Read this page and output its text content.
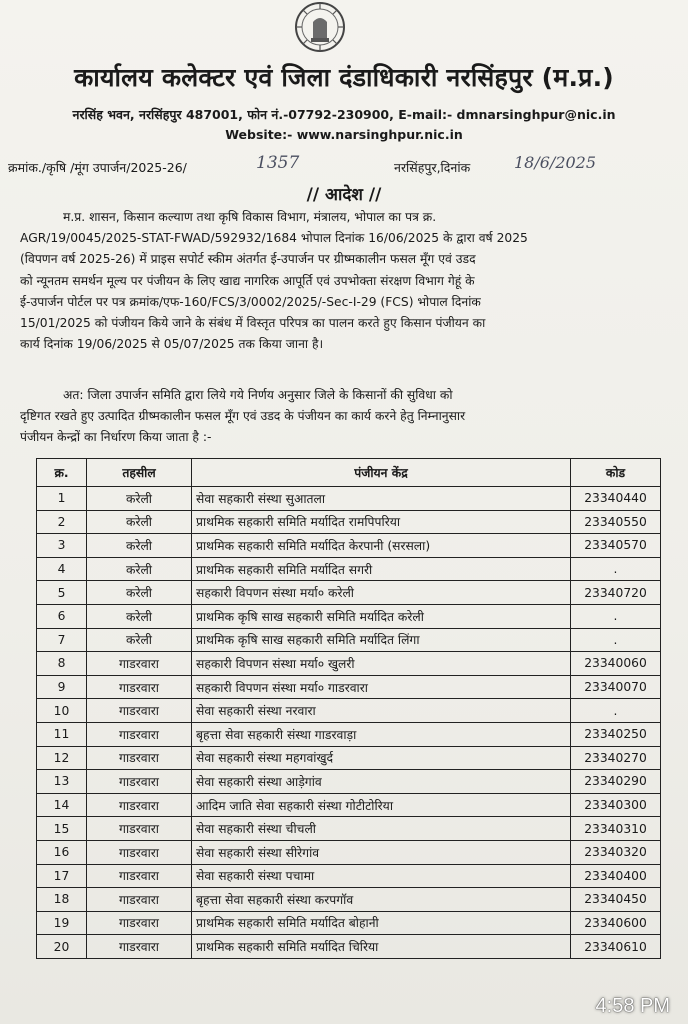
कार्यालय कलेक्टर एवं जिला दंडाधिकारी नरसिंहपुर (म.प्र.)
नरसिंह भवन, नरसिंहपुर 487001, फोन नं.-07792-230900, E-mail:- dmnarsinghpur@nic.in
Website:- www.narsinghpur.nic.in
क्रमांक./कृषि /मूंग उपार्जन/2025-26/	1357	नरसिंहपुर,दिनांक	18/6/2025
// आदेश //
म.प्र. शासन, किसान कल्याण तथा कृषि विकास विभाग, मंत्रालय, भोपाल का पत्र क्र.
AGR/19/0045/2025-STAT-FWAD/592932/1684 भोपाल दिनांक 16/06/2025 के द्वारा वर्ष 2025
(विपणन वर्ष 2025-26) में प्राइस सपोर्ट स्कीम अंतर्गत ई-उपार्जन पर ग्रीष्मकालीन फसल मूँग एवं उडद
को न्यूनतम समर्थन मूल्य पर पंजीयन के लिए खाद्य नागरिक आपूर्ति एवं उपभोक्ता संरक्षण विभाग गेहूं के
ई-उपार्जन पोर्टल पर पत्र क्रमांक/एफ-160/FCS/3/0002/2025/-Sec-I-29 (FCS) भोपाल दिनांक
15/01/2025 को पंजीयन किये जाने के संबंध में विस्तृत परिपत्र का पालन करते हुए किसान पंजीयन का
कार्य दिनांक 19/06/2025 से 05/07/2025 तक किया जाना है।
अत: जिला उपार्जन समिति द्वारा लिये गये निर्णय अनुसार जिले के किसानों की सुविधा को
दृष्टिगत रखते हुए उत्पादित ग्रीष्मकालीन फसल मूँग एवं उडद के पंजीयन का कार्य करने हेतु निम्नानुसार
पंजीयन केन्द्रों का निर्धारण किया जाता है :-
क्र.	तहसील	पंजीयन केंद्र	कोड
1	करेली	सेवा सहकारी संस्था सुआतला	23340440
2	करेली	प्राथमिक सहकारी समिति मर्यादित रामपिपरिया	23340550
3	करेली	प्राथमिक सहकारी समिति मर्यादित केरपानी (सरसला)	23340570
4	करेली	प्राथमिक सहकारी समिति मर्यादित सगरी	.
5	करेली	सहकारी विपणन संस्था मर्या० करेली	23340720
6	करेली	प्राथमिक कृषि साख सहकारी समिति मर्यादित करेली	.
7	करेली	प्राथमिक कृषि साख सहकारी समिति मर्यादित लिंगा	.
8	गाडरवारा	सहकारी विपणन संस्था मर्या० खुलरी	23340060
9	गाडरवारा	सहकारी विपणन संस्था मर्या० गाडरवारा	23340070
10	गाडरवारा	सेवा सहकारी संस्था नरवारा	.
11	गाडरवारा	बृहत्ता सेवा सहकारी संस्था गाडरवाड़ा	23340250
12	गाडरवारा	सेवा सहकारी संस्था महगवांखुर्द	23340270
13	गाडरवारा	सेवा सहकारी संस्था आड़ेगांव	23340290
14	गाडरवारा	आदिम जाति सेवा सहकारी संस्था गोटीटोरिया	23340300
15	गाडरवारा	सेवा सहकारी संस्था चीचली	23340310
16	गाडरवारा	सेवा सहकारी संस्था सीरेगांव	23340320
17	गाडरवारा	सेवा सहकारी संस्था पचामा	23340400
18	गाडरवारा	बृहत्ता सेवा सहकारी संस्था करपगॉव	23340450
19	गाडरवारा	प्राथमिक सहकारी समिति मर्यादित बोहानी	23340600
20	गाडरवारा	प्राथमिक सहकारी समिति मर्यादित चिरिया	23340610
4:58 PM
